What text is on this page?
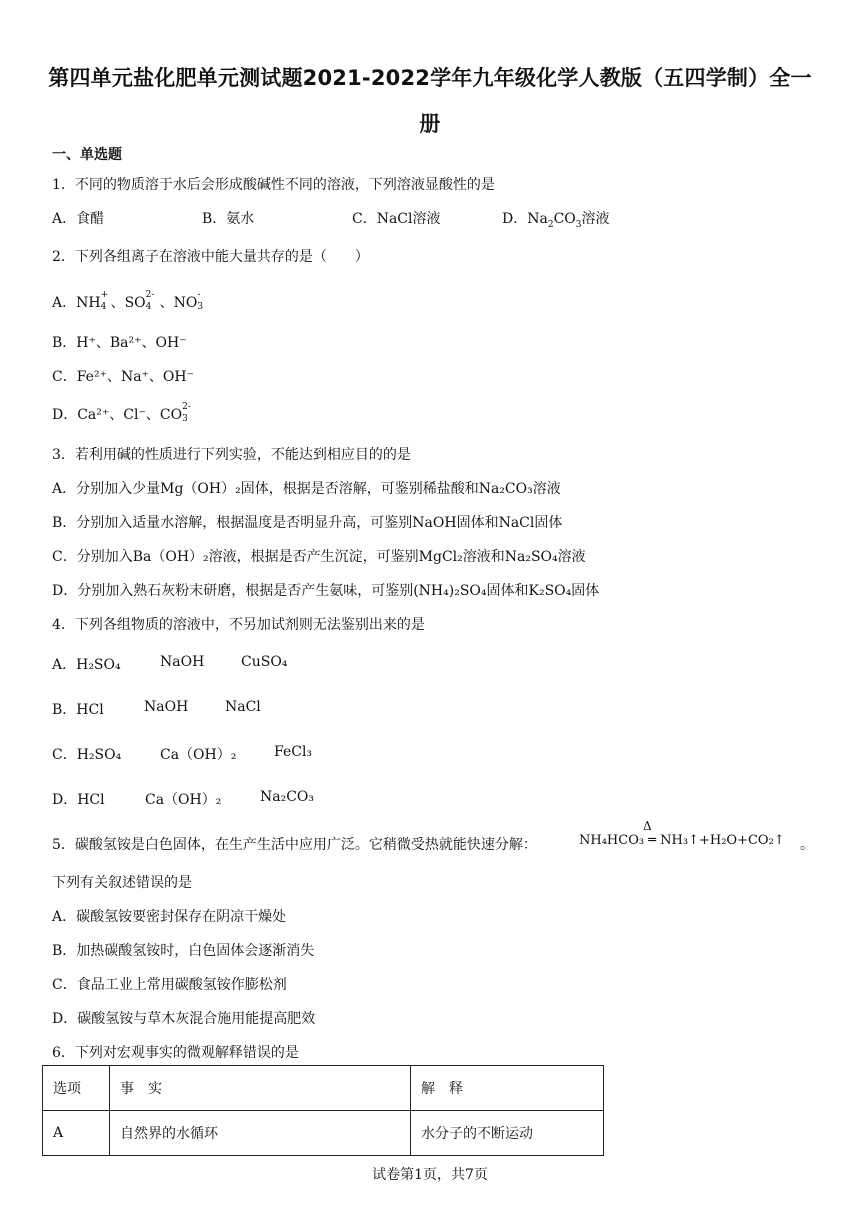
第四单元盐化肥单元测试题2021-2022学年九年级化学人教版（五四学制）全一
册
一、单选题
1．不同的物质溶于水后会形成酸碱性不同的溶液，下列溶液显酸性的是
A．食醋	B．氨水	C．NaCl溶液	D．$Na_2CO_3$溶液
2．下列各组离子在溶液中能大量共存的是（　　）
A．NH +
4 、SO 2-
4 、NO -
3
B．H⁺、Ba²⁺、OH⁻
C．Fe²⁺、Na⁺、OH⁻
D．Ca²⁺、Cl⁻、CO 2-
3
3．若利用碱的性质进行下列实验，不能达到相应目的的是
A．分别加入少量Mg（OH）₂固体，根据是否溶解，可鉴别稀盐酸和Na₂CO₃溶液
B．分别加入适量水溶解，根据温度是否明显升高，可鉴别NaOH固体和NaCl固体
C．分别加入Ba（OH）₂溶液，根据是否产生沉淀，可鉴别MgCl₂溶液和Na₂SO₄溶液
D．分别加入熟石灰粉末研磨，根据是否产生氨味，可鉴别(NH₄)₂SO₄固体和K₂SO₄固体
4．下列各组物质的溶液中，不另加试剂则无法鉴别出来的是
A．H₂SO₄	NaOH	CuSO₄
B．HCl	NaOH	NaCl
C．H₂SO₄	Ca（OH）₂	FeCl₃
D．HCl	Ca（OH）₂	Na₂CO₃
5．碳酸氢铵是白色固体，在生产生活中应用广泛。它稍微受热就能快速分解：
Δ
NH₄HCO₃ ═ NH₃↑+H₂O+CO₂↑ 。
下列有关叙述错误的是
A．碳酸氢铵要密封保存在阴凉干燥处
B．加热碳酸氢铵时，白色固体会逐渐消失
C．食品工业上常用碳酸氢铵作膨松剂
D．碳酸氢铵与草木灰混合施用能提高肥效
6．下列对宏观事实的微观解释错误的是
选项	事　实	解　释
A	自然界的水循环	水分子的不断运动
试卷第1页，共7页
